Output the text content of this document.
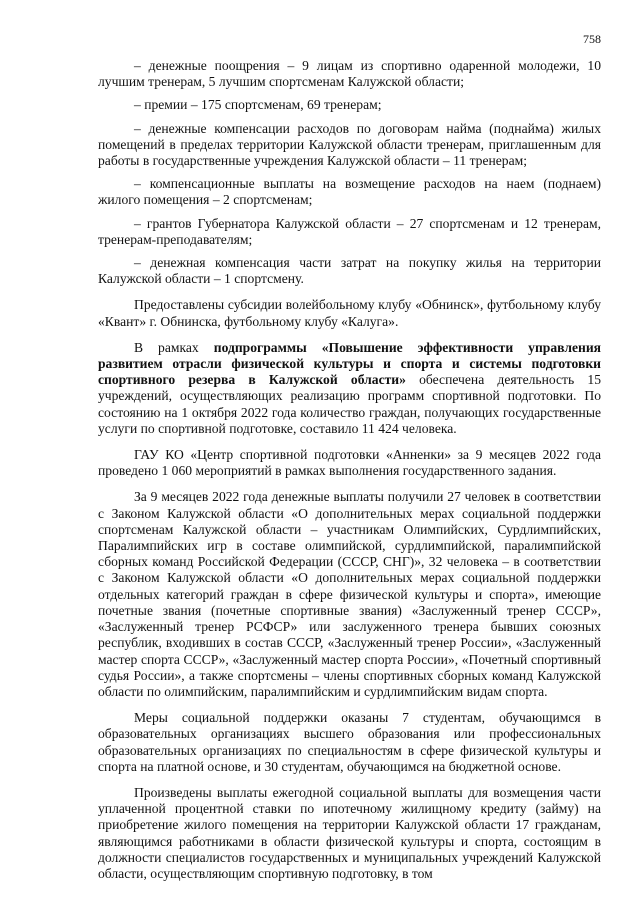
758

– денежные поощрения – 9 лицам из спортивно одаренной молодежи, 10 лучшим тренерам, 5 лучшим спортсменам Калужской области;

– премии – 175 спортсменам, 69 тренерам;

– денежные компенсации расходов по договорам найма (поднайма) жилых помещений в пределах территории Калужской области тренерам, приглашенным для работы в государственные учреждения Калужской области – 11 тренерам;

– компенсационные выплаты на возмещение расходов на наем (поднаем) жилого помещения – 2 спортсменам;

– грантов Губернатора Калужской области – 27 спортсменам и 12 тренерам, тренерам-преподавателям;

– денежная компенсация части затрат на покупку жилья на территории Калужской области – 1 спортсмену.

Предоставлены субсидии волейбольному клубу «Обнинск», футбольному клубу «Квант» г. Обнинска, футбольному клубу «Калуга».

В рамках подпрограммы «Повышение эффективности управления развитием отрасли физической культуры и спорта и системы подготовки спортивного резерва в Калужской области» обеспечена деятельность 15 учреждений, осуществляющих реализацию программ спортивной подготовки. По состоянию на 1 октября 2022 года количество граждан, получающих государственные услуги по спортивной подготовке, составило 11 424 человека.

ГАУ КО «Центр спортивной подготовки «Анненки» за 9 месяцев 2022 года проведено 1 060 мероприятий в рамках выполнения государственного задания.

За 9 месяцев 2022 года денежные выплаты получили 27 человек в соответствии с Законом Калужской области «О дополнительных мерах социальной поддержки спортсменам Калужской области – участникам Олимпийских, Сурдлимпийских, Паралимпийских игр в составе олимпийской, сурдлимпийской, паралимпийской сборных команд Российской Федерации (СССР, СНГ)», 32 человека – в соответствии с Законом Калужской области «О дополнительных мерах социальной поддержки отдельных категорий граждан в сфере физической культуры и спорта», имеющие почетные звания (почетные спортивные звания) «Заслуженный тренер СССР», «Заслуженный тренер РСФСР» или заслуженного тренера бывших союзных республик, входивших в состав СССР, «Заслуженный тренер России», «Заслуженный мастер спорта СССР», «Заслуженный мастер спорта России», «Почетный спортивный судья России», а также спортсмены – члены спортивных сборных команд Калужской области по олимпийским, паралимпийским и сурдлимпийским видам спорта.

Меры социальной поддержки оказаны 7 студентам, обучающимся в образовательных организациях высшего образования или профессиональных образовательных организациях по специальностям в сфере физической культуры и спорта на платной основе, и 30 студентам, обучающимся на бюджетной основе.

Произведены выплаты ежегодной социальной выплаты для возмещения части уплаченной процентной ставки по ипотечному жилищному кредиту (займу) на приобретение жилого помещения на территории Калужской области 17 гражданам, являющимся работниками в области физической культуры и спорта, состоящим в должности специалистов государственных и муниципальных учреждений Калужской области, осуществляющим спортивную подготовку, в том
